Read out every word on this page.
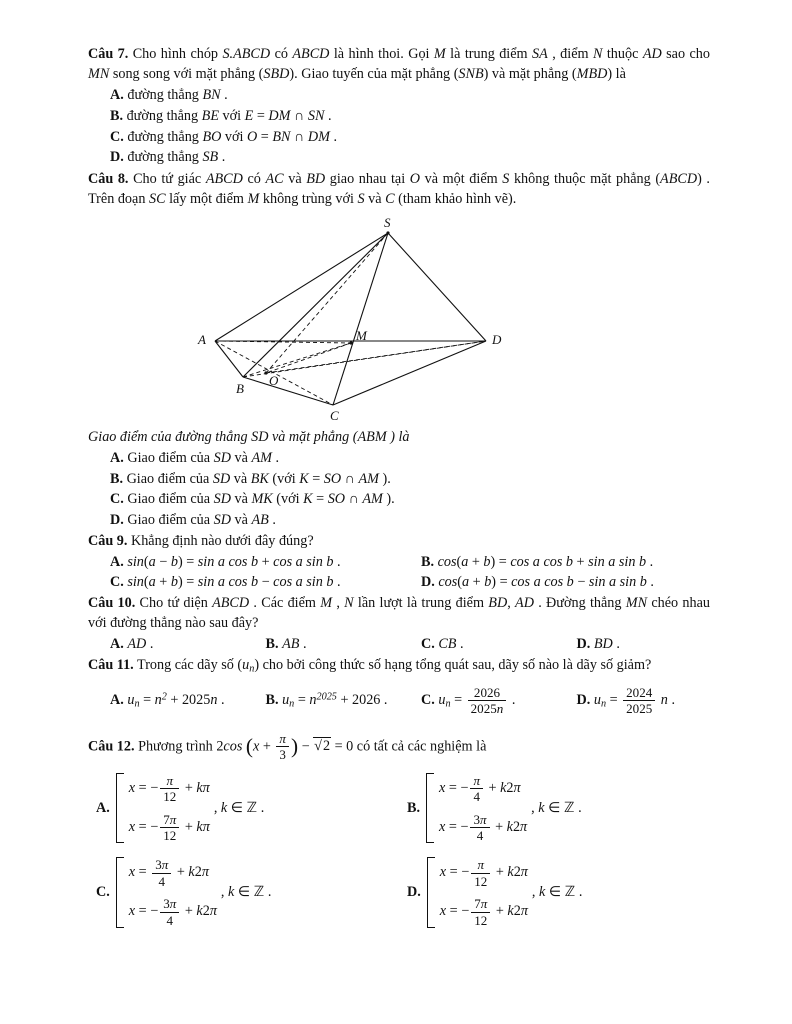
Câu 7. Cho hình chóp S.ABCD có ABCD là hình thoi. Gọi M là trung điểm SA , điểm N thuộc AD sao cho MN song song với mặt phẳng (SBD). Giao tuyến của mặt phẳng (SNB) và mặt phẳng (MBD) là
A. đường thẳng BN .
B. đường thẳng BE với E = DM ∩ SN .
C. đường thẳng BO với O = BN ∩ DM .
D. đường thẳng SB .
Câu 8. Cho tứ giác ABCD có AC và BD giao nhau tại O và một điểm S không thuộc mặt phẳng (ABCD) . Trên đoạn SC lấy một điểm M không trùng với S và C (tham khảo hình vẽ).
S
A
B
C
D
M
O
Giao điểm của đường thẳng SD và mặt phẳng (ABM ) là
A. Giao điểm của SD và AM .
B. Giao điểm của SD và BK (với K = SO ∩ AM ).
C. Giao điểm của SD và MK (với K = SO ∩ AM ).
D. Giao điểm của SD và AB .
Câu 9. Khẳng định nào dưới đây đúng?
A. sin(a − b) = sin a cos b + cos a sin b .
C. sin(a + b) = sin a cos b − cos a sin b .
B. cos(a + b) = cos a cos b + sin a sin b .
D. cos(a + b) = cos a cos b − sin a sin b .
Câu 10. Cho tứ diện ABCD . Các điểm M , N lần lượt là trung điểm BD, AD . Đường thẳng MN chéo nhau với đường thẳng nào sau đây?
A. AD .	B. AB .	C. CB .	D. BD .
Câu 11. Trong các dãy số $(u_n)$ cho bởi công thức số hạng tổng quát sau, dãy số nào là dãy số giảm?
A. $u_n = n^2 + 2025n$ .	B. $u_n = n^{2025} + 2026$ .	C. $u_n = \frac{2026}{2025n}$ .	D. $u_n = \frac{2024}{2025}$ n .
Câu 12. Phương trình 2cos ($x + \frac{\pi}{3}$ ) − √2 = 0 có tất cả các nghiệm là
A.
x = − $\frac{\pi}{12} + k\pi$
x = − $\frac{7\pi}{12} + k\pi$
, k ∈ ℤ .	B.
x = − $\frac{\pi}{4} + k2\pi$
x = − $\frac{3\pi}{4} + k2\pi$
, k ∈ ℤ .
C.
$x = \frac{3\pi}{4} + k2\pi$
x = − $\frac{3\pi}{4} + k2\pi$
, k ∈ ℤ .	D.
x = − $\frac{\pi}{12} + k2\pi$
x = − $\frac{7\pi}{12} + k2\pi$
, k ∈ ℤ .
